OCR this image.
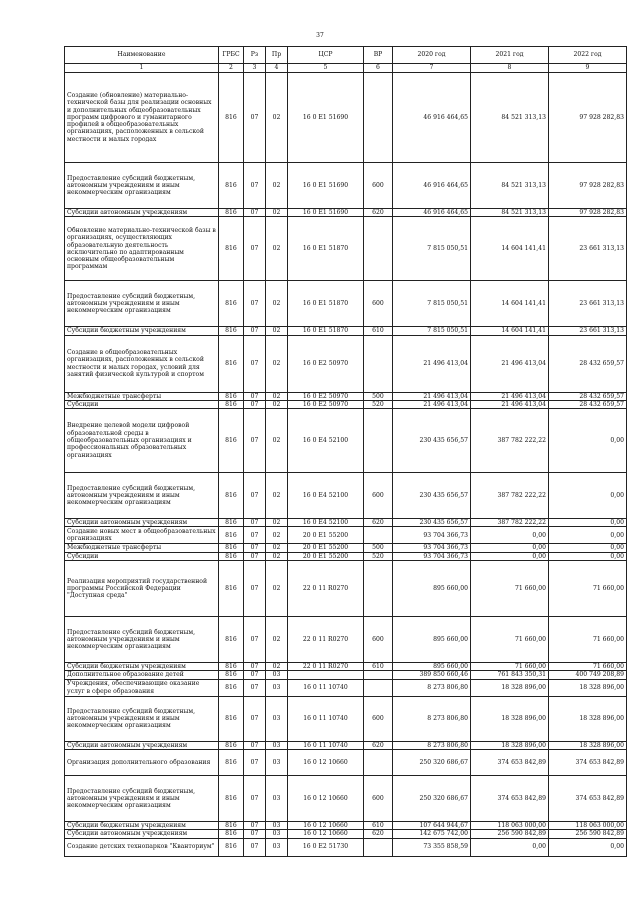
37
Наименование	ГРБС	Рз	Пр	ЦСР	ВР	2020 год	2021 год	2022 год
1	2	3	4	5	6	7	8	9
Создание (обновление) материально-технической базы для реализации основных и дополнительных общеобразовательных программ цифрового и гуманитарного профилей в общеобразовательных организациях, расположенных в сельской местности и малых городах	816	07	02	16 0 E1 51690		46 916 464,65	84 521 313,13	97 928 282,83
Предоставление субсидий бюджетным, автономным учреждениям и иным некоммерческим организациям	816	07	02	16 0 E1 51690	600	46 916 464,65	84 521 313,13	97 928 282,83
Субсидии автономным учреждениям	816	07	02	16 0 E1 51690	620	46 916 464,65	84 521 313,13	97 928 282,83
Обновление материально-технической базы в организациях, осуществляющих образовательную деятельность исключительно по адаптированным основным общеобразовательным программам	816	07	02	16 0 E1 51870		7 815 050,51	14 604 141,41	23 661 313,13
Предоставление субсидий бюджетным, автономным учреждениям и иным некоммерческим организациям	816	07	02	16 0 E1 51870	600	7 815 050,51	14 604 141,41	23 661 313,13
Субсидии бюджетным учреждениям	816	07	02	16 0 E1 51870	610	7 815 050,51	14 604 141,41	23 661 313,13
Создание в общеобразовательных организациях, расположенных в сельской местности и малых городах, условий для занятий физической культурой и спортом	816	07	02	16 0 E2 50970		21 496 413,04	21 496 413,04	28 432 659,57
Межбюджетные трансферты	816	07	02	16 0 E2 50970	500	21 496 413,04	21 496 413,04	28 432 659,57
Субсидии	816	07	02	16 0 E2 50970	520	21 496 413,04	21 496 413,04	28 432 659,57
Внедрение целевой модели цифровой образовательной среды в общеобразовательных организациях и профессиональных образовательных организациях	816	07	02	16 0 E4 52100		230 435 656,57	387 782 222,22	0,00
Предоставление субсидий бюджетным, автономным учреждениям и иным некоммерческим организациям	816	07	02	16 0 E4 52100	600	230 435 656,57	387 782 222,22	0,00
Субсидии автономным учреждениям	816	07	02	16 0 E4 52100	620	230 435 656,57	387 782 222,22	0,00
Создание новых мест в общеобразовательных организациях	816	07	02	20 0 E1 55200		93 704 366,73	0,00	0,00
Межбюджетные трансферты	816	07	02	20 0 E1 55200	500	93 704 366,73	0,00	0,00
Субсидии	816	07	02	20 0 E1 55200	520	93 704 366,73	0,00	0,00
Реализация мероприятий государственной программы Российской Федерации "Доступная среда"	816	07	02	22 0 11 R0270		895 660,00	71 660,00	71 660,00
Предоставление субсидий бюджетным, автономным учреждениям и иным некоммерческим организациям	816	07	02	22 0 11 R0270	600	895 660,00	71 660,00	71 660,00
Субсидии бюджетным учреждениям	816	07	02	22 0 11 R0270	610	895 660,00	71 660,00	71 660,00
Дополнительное образование детей	816	07	03			389 850 660,46	761 843 350,31	400 749 208,89
Учреждения, обеспечивающие оказание услуг в сфере образования	816	07	03	16 0 11 10740		8 273 806,80	18 328 896,00	18 328 896,00
Предоставление субсидий бюджетным, автономным учреждениям и иным некоммерческим организациям	816	07	03	16 0 11 10740	600	8 273 806,80	18 328 896,00	18 328 896,00
Субсидии автономным учреждениям	816	07	03	16 0 11 10740	620	8 273 806,80	18 328 896,00	18 328 896,00
Организация дополнительного образования	816	07	03	16 0 12 10660		250 320 686,67	374 653 842,89	374 653 842,89
Предоставление субсидий бюджетным, автономным учреждениям и иным некоммерческим организациям	816	07	03	16 0 12 10660	600	250 320 686,67	374 653 842,89	374 653 842,89
Субсидии бюджетным учреждениям	816	07	03	16 0 12 10660	610	107 644 944,67	118 063 000,00	118 063 000,00
Субсидии автономным учреждениям	816	07	03	16 0 12 10660	620	142 675 742,00	256 590 842,89	256 590 842,89
Создание детских технопарков "Кванториум"	816	07	03	16 0 E2 51730		73 355 858,59	0,00	0,00
